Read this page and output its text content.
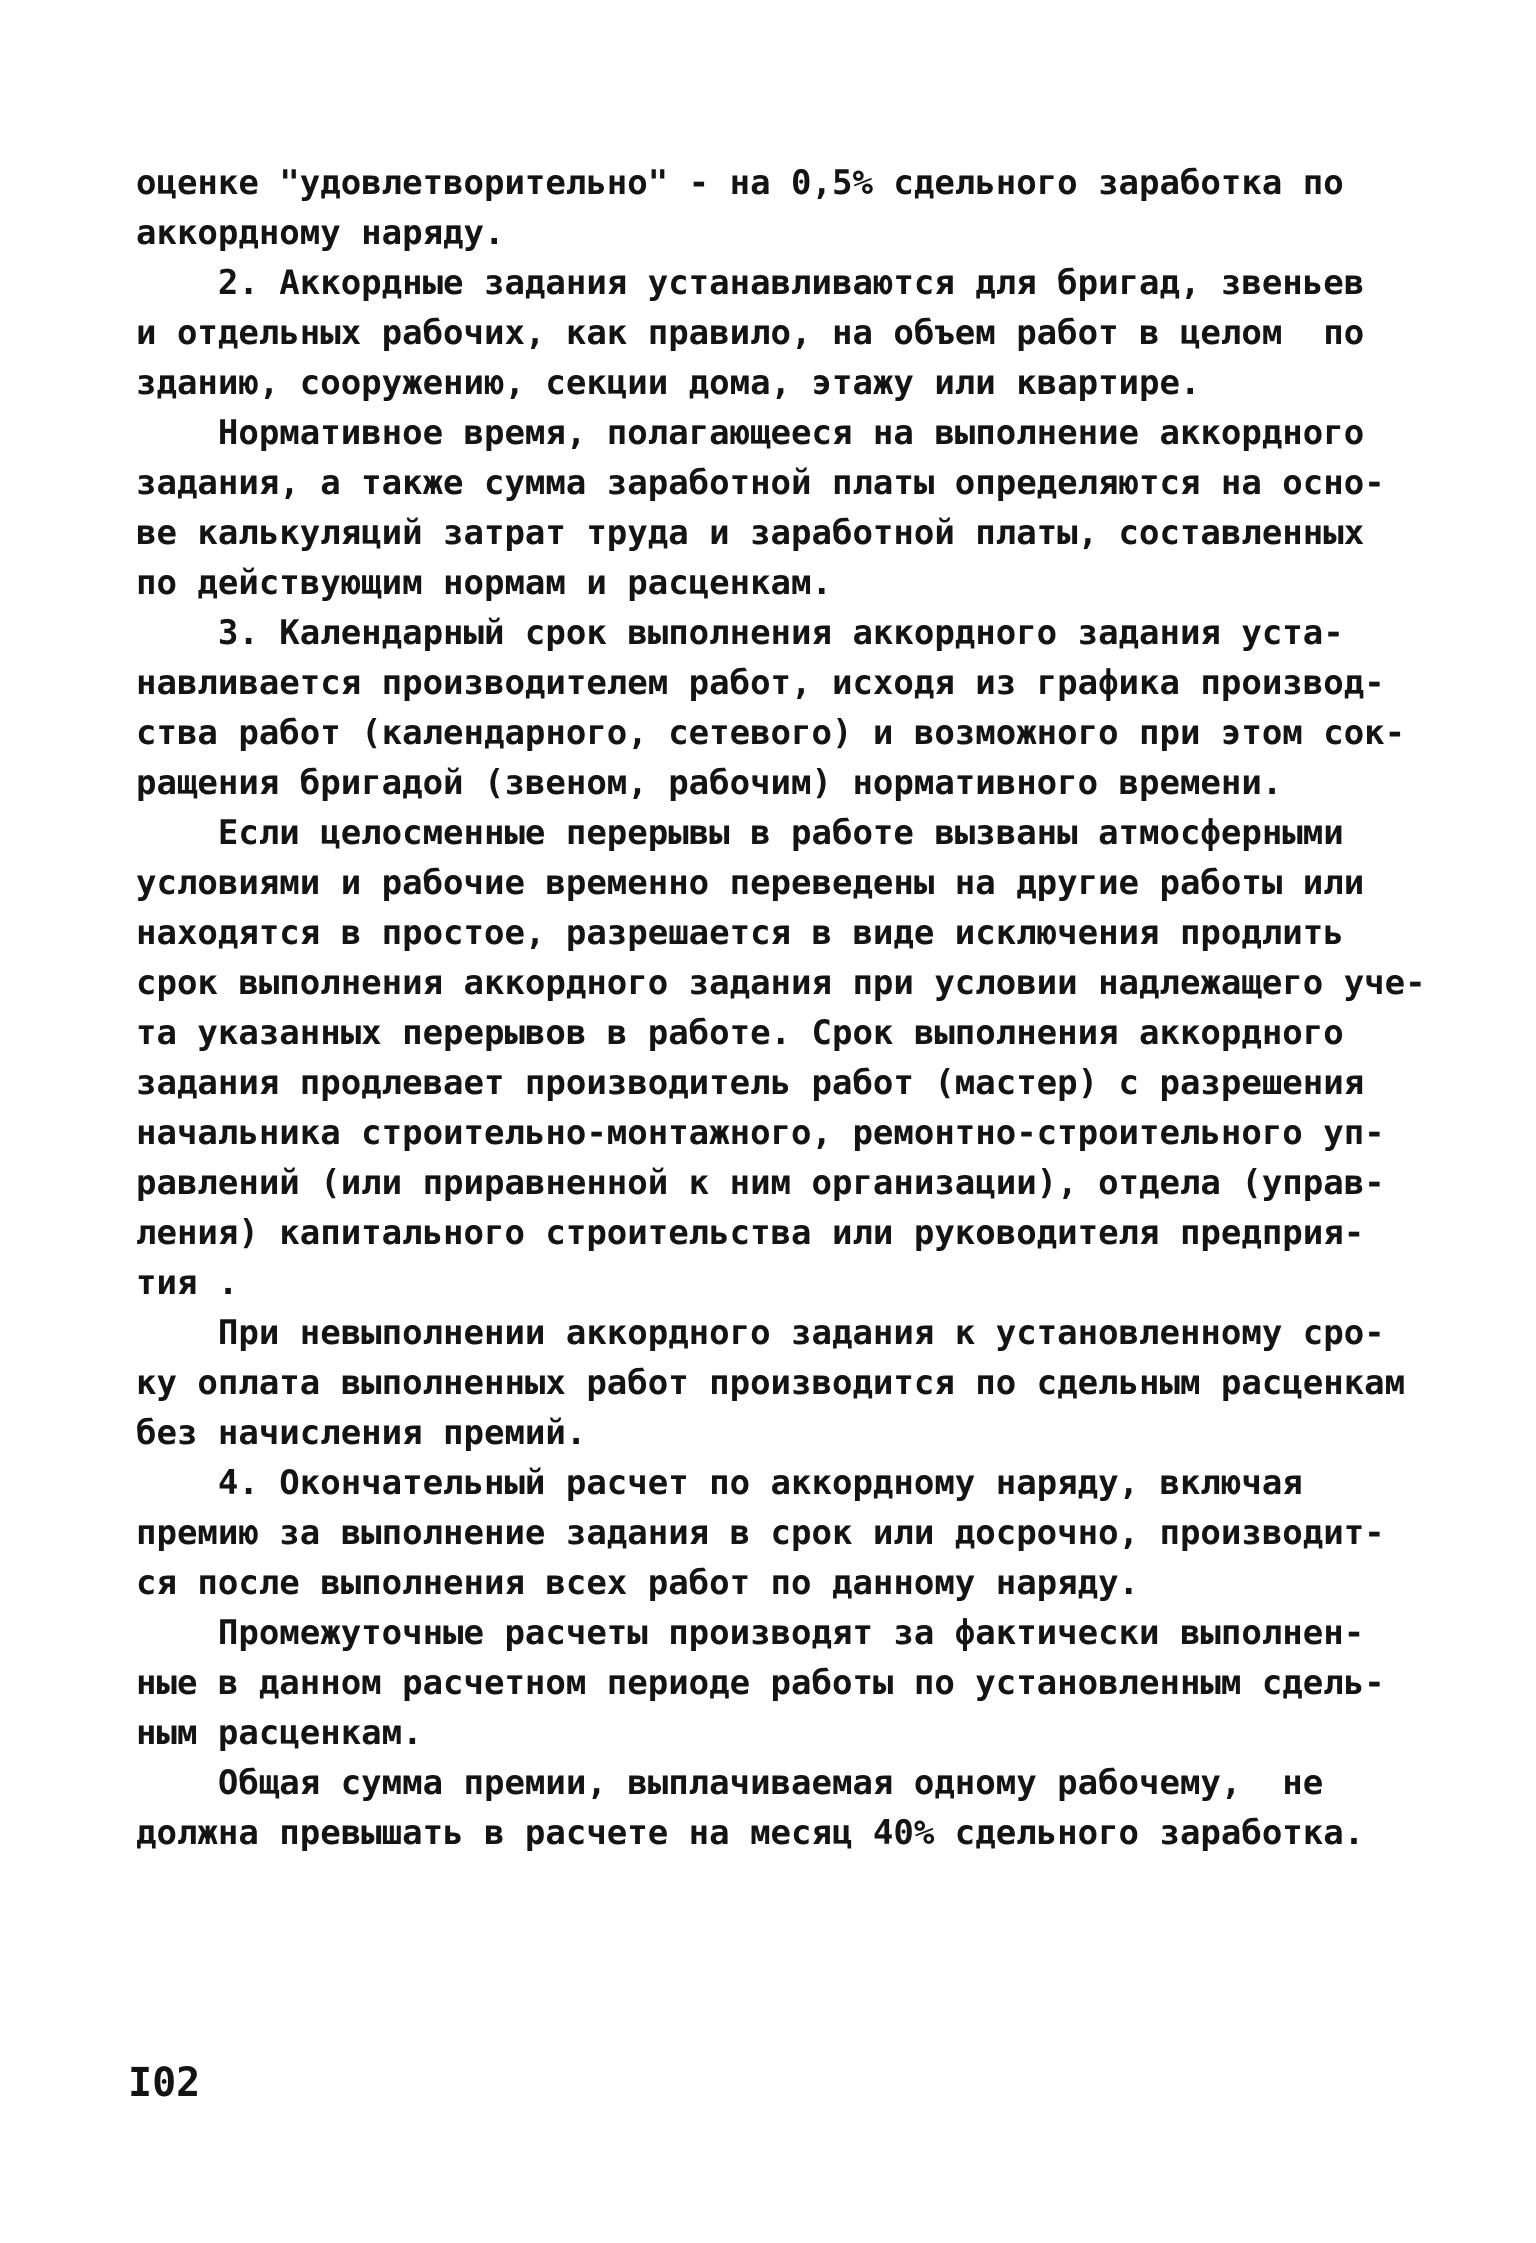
оценке "удовлетворительно" - на 0,5% сдельного заработка по
аккордному наряду.
2. Аккордные задания устанавливаются для бригад, звеньев
и отдельных рабочих, как правило, на объем работ в целом  по
зданию, сооружению, секции дома, этажу или квартире.
Нормативное время, полагающееся на выполнение аккордного
задания, а также сумма заработной платы определяются на осно-
ве калькуляций затрат труда и заработной платы, составленных
по действующим нормам и расценкам.
3. Календарный срок выполнения аккордного задания уста-
навливается производителем работ, исходя из графика производ-
ства работ (календарного, сетевого) и возможного при этом сок-
ращения бригадой (звеном, рабочим) нормативного времени.
Если целосменные перерывы в работе вызваны атмосферными
условиями и рабочие временно переведены на другие работы или
находятся в простое, разрешается в виде исключения продлить
срок выполнения аккордного задания при условии надлежащего уче-
та указанных перерывов в работе. Срок выполнения аккордного
задания продлевает производитель работ (мастер) с разрешения
начальника строительно-монтажного, ремонтно-строительного уп-
равлений (или приравненной к ним организации), отдела (управ-
ления) капитального строительства или руководителя предприя-
тия .
При невыполнении аккордного задания к установленному сро-
ку оплата выполненных работ производится по сдельным расценкам
без начисления премий.
4. Окончательный расчет по аккордному наряду, включая
премию за выполнение задания в срок или досрочно, производит-
ся после выполнения всех работ по данному наряду.
Промежуточные расчеты производят за фактически выполнен-
ные в данном расчетном периоде работы по установленным сдель-
ным расценкам.
Общая сумма премии, выплачиваемая одному рабочему,  не
должна превышать в расчете на месяц 40% сдельного заработка.
I02
